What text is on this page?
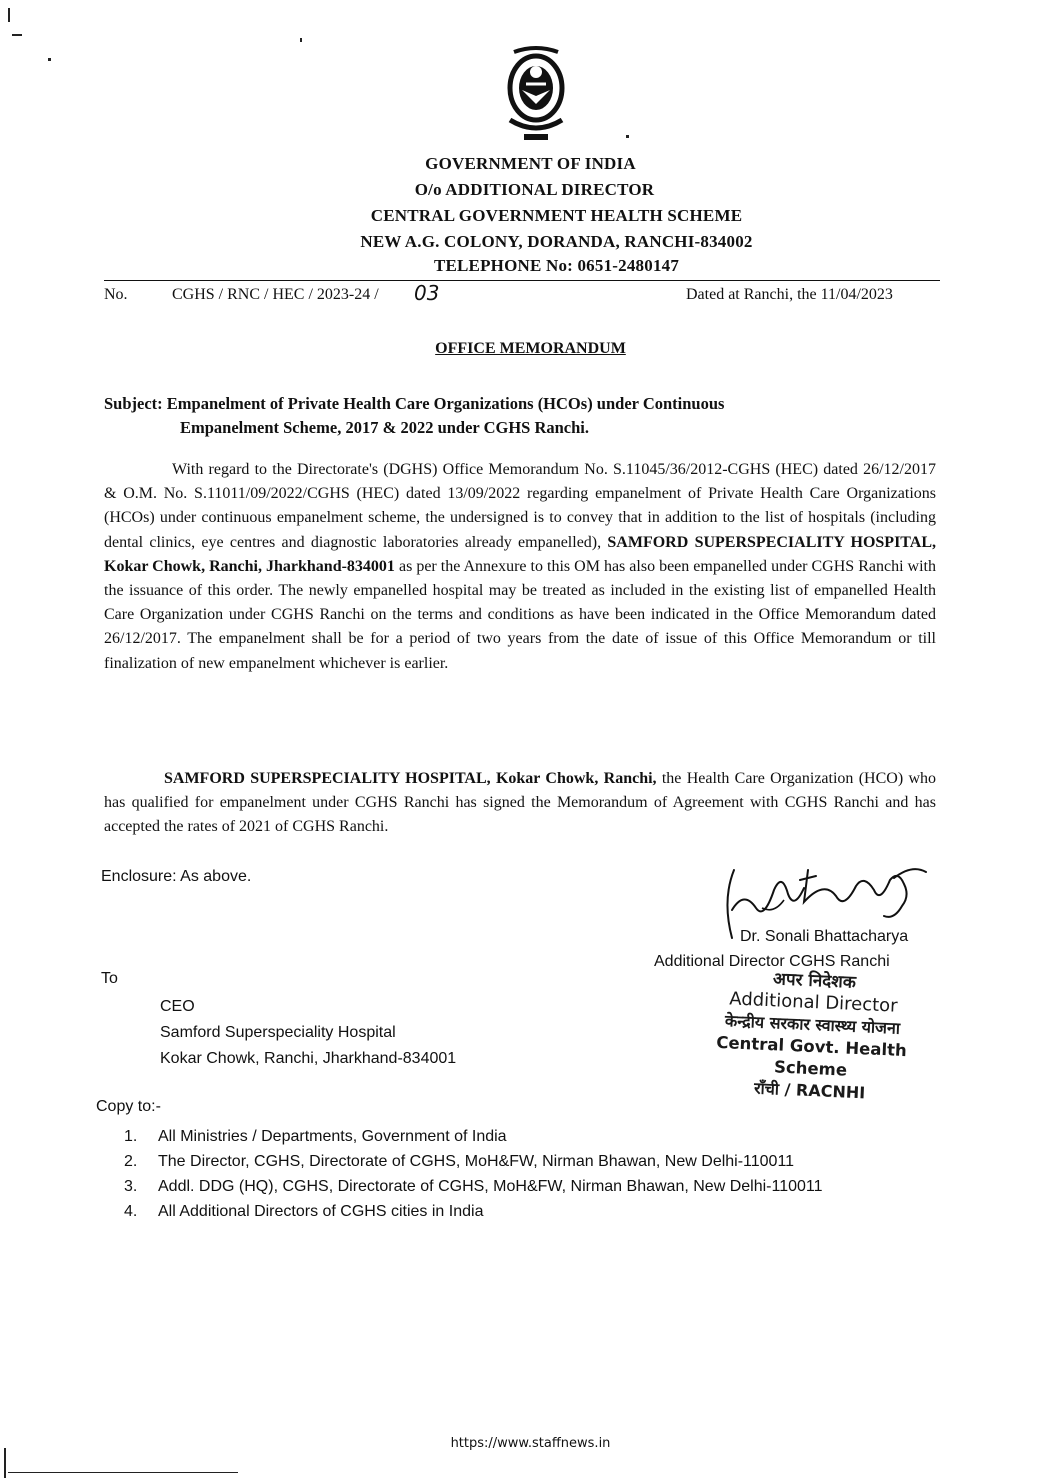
GOVERNMENT OF INDIA
O/o ADDITIONAL DIRECTOR
CENTRAL GOVERNMENT HEALTH SCHEME
NEW A.G. COLONY, DORANDA, RANCHI-834002
TELEPHONE No: 0651-2480147
No.	CGHS / RNC / HEC / 2023-24 / 03	Dated at Ranchi, the 11/04/2023
OFFICE MEMORANDUM
Subject: Empanelment of Private Health Care Organizations (HCOs) under Continuous
Empanelment Scheme, 2017 & 2022 under CGHS Ranchi.
With regard to the Directorate's (DGHS) Office Memorandum No. S.11045/36/2012-CGHS (HEC) dated 26/12/2017 & O.M. No. S.11011/09/2022/CGHS (HEC) dated 13/09/2022 regarding empanelment of Private Health Care Organizations (HCOs) under continuous empanelment scheme, the undersigned is to convey that in addition to the list of hospitals (including dental clinics, eye centres and diagnostic laboratories already empanelled), SAMFORD SUPERSPECIALITY HOSPITAL, Kokar Chowk, Ranchi, Jharkhand-834001 as per the Annexure to this OM has also been empanelled under CGHS Ranchi with the issuance of this order. The newly empanelled hospital may be treated as included in the existing list of empanelled Health Care Organization under CGHS Ranchi on the terms and conditions as have been indicated in the Office Memorandum dated 26/12/2017. The empanelment shall be for a period of two years from the date of issue of this Office Memorandum or till finalization of new empanelment whichever is earlier.
SAMFORD SUPERSPECIALITY HOSPITAL, Kokar Chowk, Ranchi, the Health Care Organization (HCO) who has qualified for empanelment under CGHS Ranchi has signed the Memorandum of Agreement with CGHS Ranchi and has accepted the rates of 2021 of CGHS Ranchi.
Enclosure: As above.
Dr. Sonali Bhattacharya
Additional Director CGHS Ranchi
अपर निदेशक
Additional Director
केन्द्रीय सरकार स्वास्थ्य योजना
Central Govt. Health Scheme
राँची / RACNHI
To
CEO
Samford Superspeciality Hospital
Kokar Chowk, Ranchi, Jharkhand-834001
Copy to:-
1. All Ministries / Departments, Government of India
2. The Director, CGHS, Directorate of CGHS, MoH&FW, Nirman Bhawan, New Delhi-110011
3. Addl. DDG (HQ), CGHS, Directorate of CGHS, MoH&FW, Nirman Bhawan, New Delhi-110011
4. All Additional Directors of CGHS cities in India
https://www.staffnews.in
